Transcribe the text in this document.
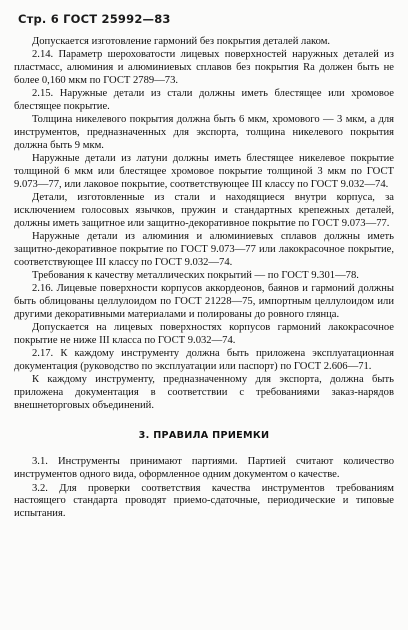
Стр. 6 ГОСТ 25992—83

Допускается изготовление гармоний без покрытия деталей лаком.

2.14. Параметр шероховатости лицевых поверхностей наружных деталей из пластмасс, алюминия и алюминиевых сплавов без покрытия Ra должен быть не более 0,160 мкм по ГОСТ 2789—73.

2.15. Наружные детали из стали должны иметь блестящее или хромовое блестящее покрытие.

Толщина никелевого покрытия должна быть 6 мкм, хромового — 3 мкм, а для инструментов, предназначенных для экспорта, толщина никелевого покрытия должна быть 9 мкм.

Наружные детали из латуни должны иметь блестящее никелевое покрытие толщиной 6 мкм или блестящее хромовое покрытие толщиной 3 мкм по ГОСТ 9.073—77, или лаковое покрытие, соответствующее III классу по ГОСТ 9.032—74.

Детали, изготовленные из стали и находящиеся внутри корпуса, за исключением голосовых язычков, пружин и стандартных крепежных деталей, должны иметь защитное или защитно-декоративное покрытие по ГОСТ 9.073—77.

Наружные детали из алюминия и алюминиевых сплавов должны иметь защитно-декоративное покрытие по ГОСТ 9.073—77 или лакокрасочное покрытие, соответствующее III классу по ГОСТ 9.032—74.

Требования к качеству металлических покрытий — по ГОСТ 9.301—78.

2.16. Лицевые поверхности корпусов аккордеонов, баянов и гармоний должны быть облицованы целлулоидом по ГОСТ 21228—75, импортным целлулоидом или другими декоративными материалами и полированы до ровного глянца.

Допускается на лицевых поверхностях корпусов гармоний лакокрасочное покрытие не ниже III класса по ГОСТ 9.032—74.

2.17. К каждому инструменту должна быть приложена эксплуатационная документация (руководство по эксплуатации или паспорт) по ГОСТ 2.606—71.

К каждому инструменту, предназначенному для экспорта, должна быть приложена документация в соответствии с требованиями заказ-нарядов внешнеторговых объединений.

3. ПРАВИЛА ПРИЕМКИ

3.1. Инструменты принимают партиями. Партией считают количество инструментов одного вида, оформленное одним документом о качестве.

3.2. Для проверки соответствия качества инструментов требованиям настоящего стандарта проводят приемо-сдаточные, периодические и типовые испытания.
